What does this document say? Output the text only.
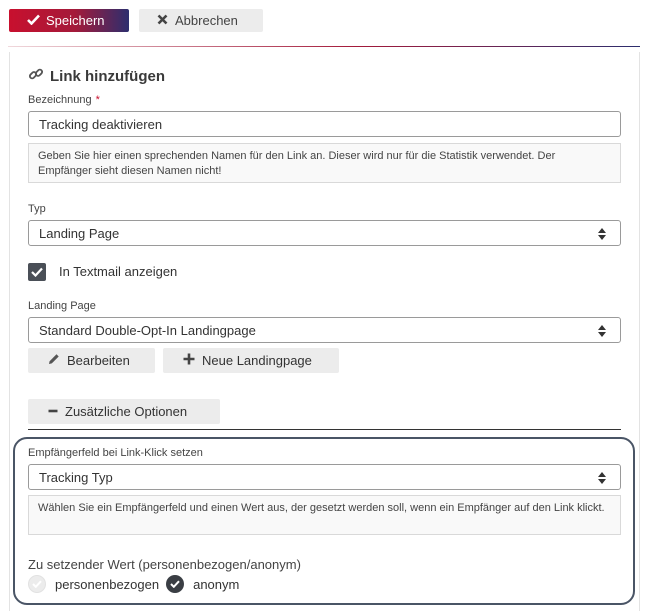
Speichern	Abbrechen
Link hinzufügen
Bezeichnung *
Tracking deaktivieren
Geben Sie hier einen sprechenden Namen für den Link an. Dieser wird nur für die Statistik verwendet. Der Empfänger sieht diesen Namen nicht!
Typ
Landing Page
In Textmail anzeigen
Landing Page
Standard Double-Opt-In Landingpage
Bearbeiten	Neue Landingpage
Zusätzliche Optionen
Empfängerfeld bei Link-Klick setzen
Tracking Typ
Wählen Sie ein Empfängerfeld und einen Wert aus, der gesetzt werden soll, wenn ein Empfänger auf den Link klickt.
Zu setzender Wert (personenbezogen/anonym)
personenbezogen	anonym
